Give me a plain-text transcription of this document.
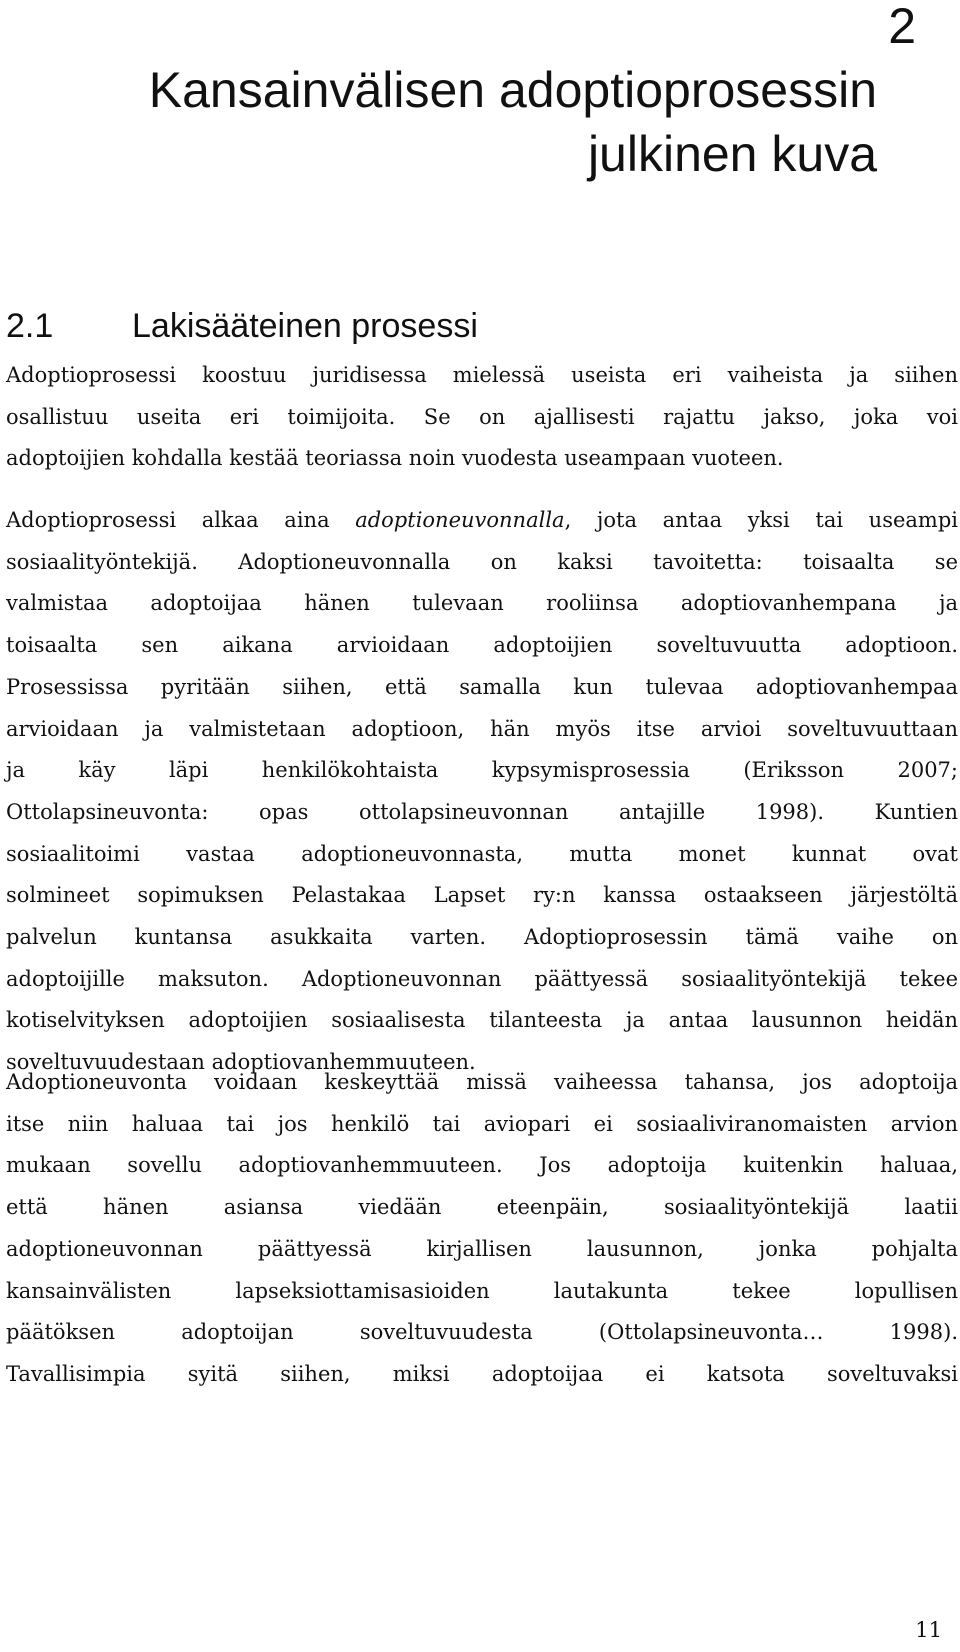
2
Kansainvälisen adoptioprosessin
julkinen kuva
2.1 Lakisääteinen prosessi
Adoptioprosessi koostuu juridisessa mielessä useista eri vaiheista ja siihen
osallistuu useita eri toimijoita. Se on ajallisesti rajattu jakso, joka voi
adoptoijien kohdalla kestää teoriassa noin vuodesta useampaan vuoteen.
Adoptioprosessi alkaa aina adoptioneuvonnalla, jota antaa yksi tai useampi
sosiaalityöntekijä. Adoptioneuvonnalla on kaksi tavoitetta: toisaalta se
valmistaa adoptoijaa hänen tulevaan rooliinsa adoptiovanhempana ja
toisaalta sen aikana arvioidaan adoptoijien soveltuvuutta adoptioon.
Prosessissa pyritään siihen, että samalla kun tulevaa adoptiovanhempaa
arvioidaan ja valmistetaan adoptioon, hän myös itse arvioi soveltuvuuttaan
ja käy läpi henkilökohtaista kypsymisprosessia (Eriksson 2007;
Ottolapsineuvonta: opas ottolapsineuvonnan antajille 1998). Kuntien
sosiaalitoimi vastaa adoptioneuvonnasta, mutta monet kunnat ovat
solmineet sopimuksen Pelastakaa Lapset ry:n kanssa ostaakseen järjestöltä
palvelun kuntansa asukkaita varten. Adoptioprosessin tämä vaihe on
adoptoijille maksuton. Adoptioneuvonnan päättyessä sosiaalityöntekijä tekee
kotiselvityksen adoptoijien sosiaalisesta tilanteesta ja antaa lausunnon heidän
soveltuvuudestaan adoptiovanhemmuuteen.
Adoptioneuvonta voidaan keskeyttää missä vaiheessa tahansa, jos adoptoija
itse niin haluaa tai jos henkilö tai aviopari ei sosiaaliviranomaisten arvion
mukaan sovellu adoptiovanhemmuuteen. Jos adoptoija kuitenkin haluaa,
että hänen asiansa viedään eteenpäin, sosiaalityöntekijä laatii
adoptioneuvonnan päättyessä kirjallisen lausunnon, jonka pohjalta
kansainvälisten lapseksiottamisasioiden lautakunta tekee lopullisen
päätöksen adoptoijan soveltuvuudesta (Ottolapsineuvonta… 1998).
Tavallisimpia syitä siihen, miksi adoptoijaa ei katsota soveltuvaksi
11
